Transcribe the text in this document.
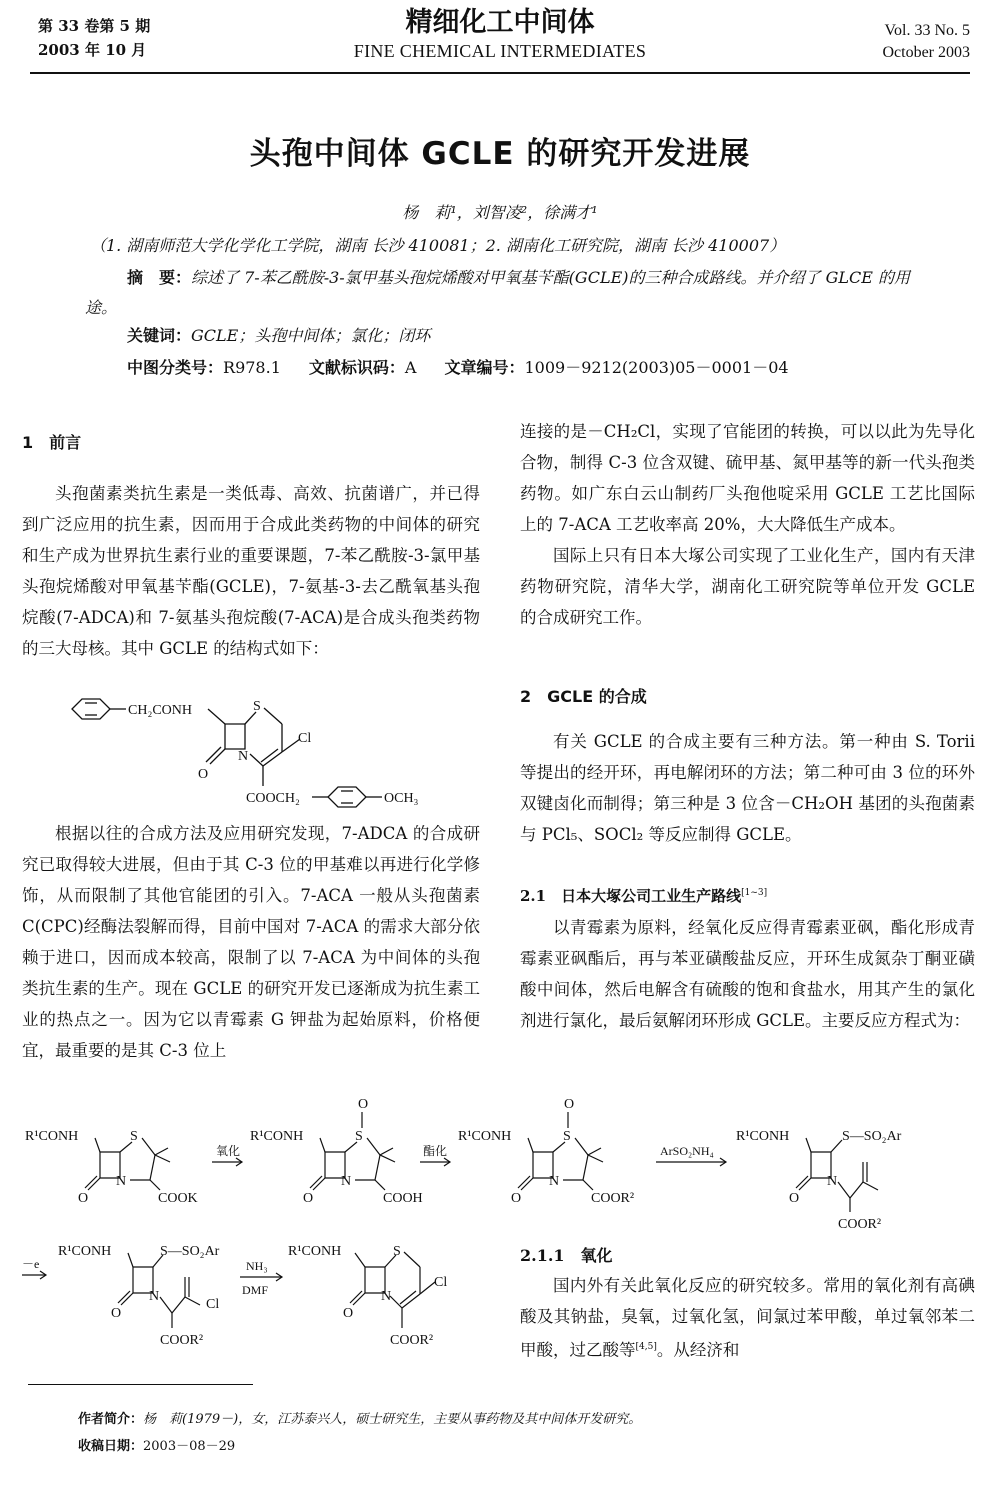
第 33 卷第 5 期
2003 年 10 月
精细化工中间体
FINE CHEMICAL INTERMEDIATES
Vol. 33 No. 5
October 2003
头孢中间体 GCLE 的研究开发进展
杨　莉¹，刘智凌²，徐满才¹
（1. 湖南师范大学化学化工学院，湖南 长沙 410081；2. 湖南化工研究院，湖南 长沙 410007）
摘　要：综述了 7-苯乙酰胺-3-氯甲基头孢烷烯酸对甲氧基苄酯(GCLE)的三种合成路线。并介绍了 GLCE 的用途。
关键词：GCLE；头孢中间体；氯化；闭环
中图分类号：R978.1 文献标识码：A 文章编号：1009－9212(2003)05－0001－04
1　前言

头孢菌素类抗生素是一类低毒、高效、抗菌谱广，并已得到广泛应用的抗生素，因而用于合成此类药物的中间体的研究和生产成为世界抗生素行业的重要课题，7-苯乙酰胺-3-氯甲基头孢烷烯酸对甲氧基苄酯(GCLE)，7-氨基-3-去乙酰氧基头孢烷酸(7-ADCA)和 7-氨基头孢烷酸(7-ACA)是合成头孢类药物的三大母核。其中 GCLE 的结构式如下：

CH₂CONH
O
N
S
Cl
COOCH₂	OCH₃

根据以往的合成方法及应用研究发现，7-ADCA 的合成研究已取得较大进展，但由于其 C-3 位的甲基难以再进行化学修饰，从而限制了其他官能团的引入。7-ACA 一般从头孢菌素 C(CPC)经酶法裂解而得，目前中国对 7-ACA 的需求大部分依赖于进口，因而成本较高，限制了以 7-ACA 为中间体的头孢类抗生素的生产。现在 GCLE 的研究开发已逐渐成为抗生素工业的热点之一。因为它以青霉素 G 钾盐为起始原料，价格便宜，最重要的是其 C-3 位上

连接的是－CH₂Cl，实现了官能团的转换，可以以此为先导化合物，制得 C-3 位含双键、硫甲基、氮甲基等的新一代头孢类药物。如广东白云山制药厂头孢他啶采用 GCLE 工艺比国际上的 7-ACA 工艺收率高 20%，大大降低生产成本。

国际上只有日本大塚公司实现了工业化生产，国内有天津药物研究院，清华大学，湖南化工研究院等单位开发 GCLE 的合成研究工作。

2　GCLE 的合成

有关 GCLE 的合成主要有三种方法。第一种由 S. Torii 等提出的经开环，再电解闭环的方法；第二种可由 3 位的环外双键卤化而制得；第三种是 3 位含－CH₂OH 基团的头孢菌素与 PCl₅、SOCl₂ 等反应制得 GCLE。

2.1　日本大塚公司工业生产路线[1~3]

以青霉素为原料，经氧化反应得青霉素亚砜，酯化形成青霉素亚砜酯后，再与苯亚磺酸盐反应，开环生成氮杂丁酮亚磺酸中间体，然后电解含有硫酸的饱和食盐水，用其产生的氯化剂进行氯化，最后氨解闭环形成 GCLE。主要反应方程式为：

R¹CONH
O
N
S
COOK
氧化
R¹CONH
O
O
N
S
COOH
酯化
R¹CONH
O
O
N
S
COOR²
ArSO₂NH₄
R¹CONH
O
N
S—SO₂Ar
COOR²
－e
R¹CONH
O
N
S—SO₂Ar
Cl
COOR²
NH₃
DMF
R¹CONH
O
N
S
Cl
COOR²
2.1.1　氧化

国内外有关此氧化反应的研究较多。常用的氧化剂有高碘酸及其钠盐，臭氧，过氧化氢，间氯过苯甲酸，单过氧邻苯二甲酸，过乙酸等[4,5]。从经济和

作者简介：杨　莉(1979－)，女，江苏泰兴人，硕士研究生，主要从事药物及其中间体开发研究。
收稿日期：2003－08－29
